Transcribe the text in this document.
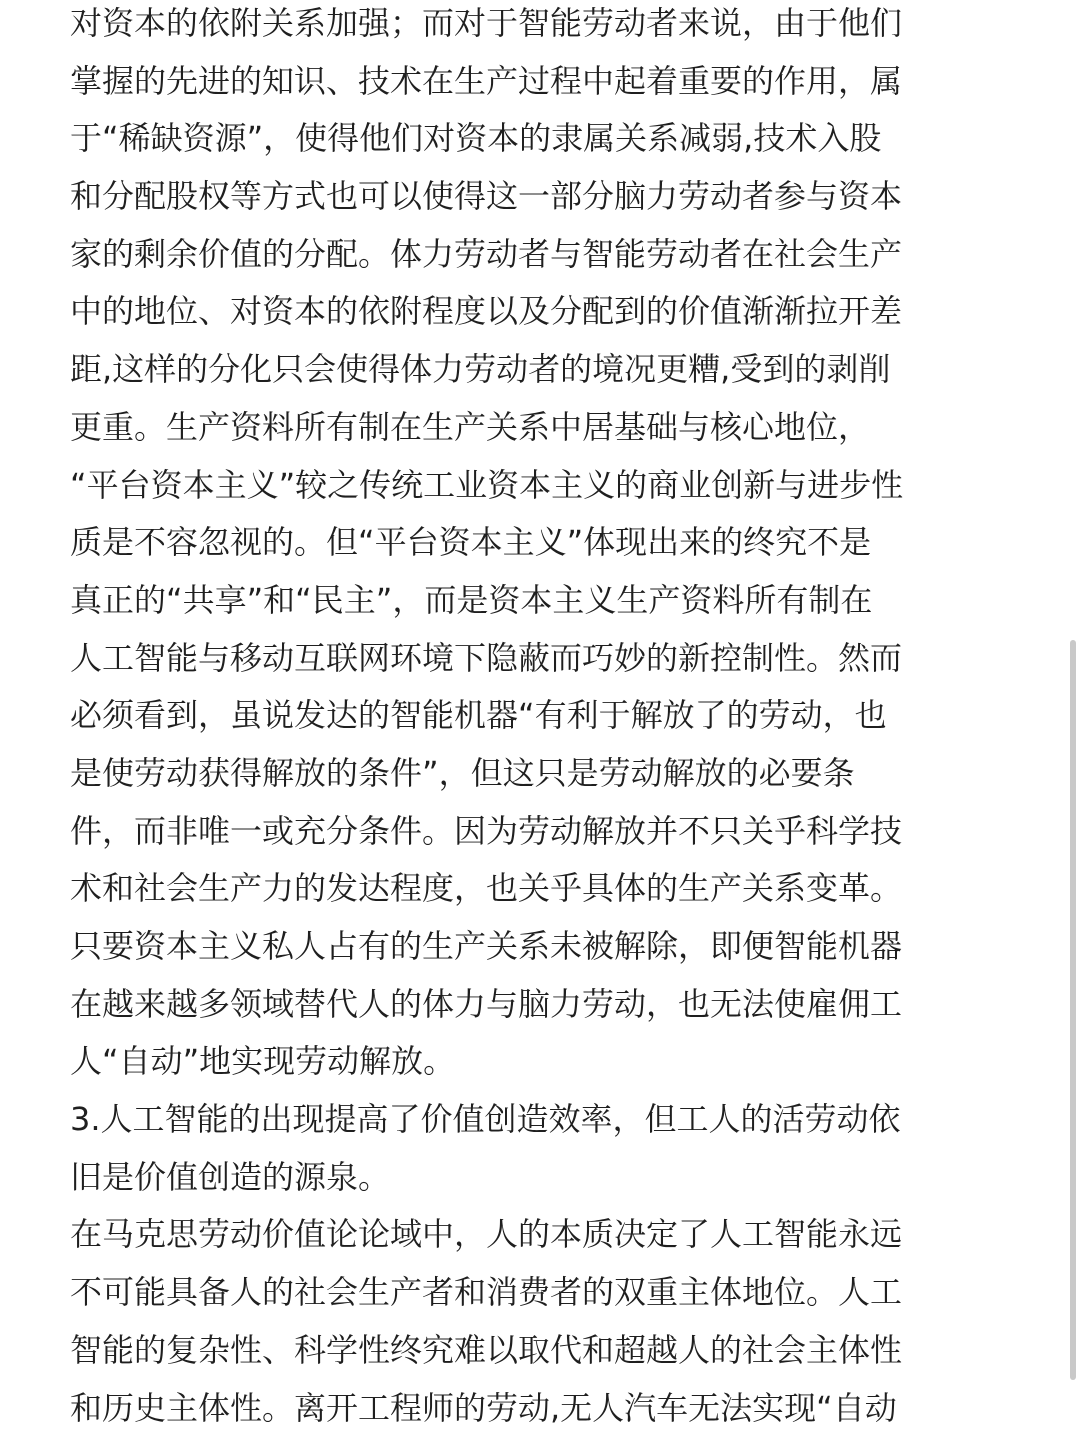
对资本的依附关系加强；而对于智能劳动者来说，由于他们
掌握的先进的知识、技术在生产过程中起着重要的作用，属
于“稀缺资源”，使得他们对资本的隶属关系减弱,技术入股
和分配股权等方式也可以使得这一部分脑力劳动者参与资本
家的剩余价值的分配。体力劳动者与智能劳动者在社会生产
中的地位、对资本的依附程度以及分配到的价值渐渐拉开差
距,这样的分化只会使得体力劳动者的境况更糟,受到的剥削
更重。生产资料所有制在生产关系中居基础与核心地位，
“平台资本主义”较之传统工业资本主义的商业创新与进步性
质是不容忽视的。但“平台资本主义”体现出来的终究不是
真正的“共享”和“民主”，而是资本主义生产资料所有制在
人工智能与移动互联网环境下隐蔽而巧妙的新控制性。然而
必须看到，虽说发达的智能机器“有利于解放了的劳动，也
是使劳动获得解放的条件”，但这只是劳动解放的必要条
件，而非唯一或充分条件。因为劳动解放并不只关乎科学技
术和社会生产力的发达程度，也关乎具体的生产关系变革。
只要资本主义私人占有的生产关系未被解除，即便智能机器
在越来越多领域替代人的体力与脑力劳动，也无法使雇佣工
人“自动”地实现劳动解放。
3.人工智能的出现提高了价值创造效率，但工人的活劳动依
旧是价值创造的源泉。
在马克思劳动价值论论域中，人的本质决定了人工智能永远
不可能具备人的社会生产者和消费者的双重主体地位。人工
智能的复杂性、科学性终究难以取代和超越人的社会主体性
和历史主体性。离开工程师的劳动,无人汽车无法实现“自动
